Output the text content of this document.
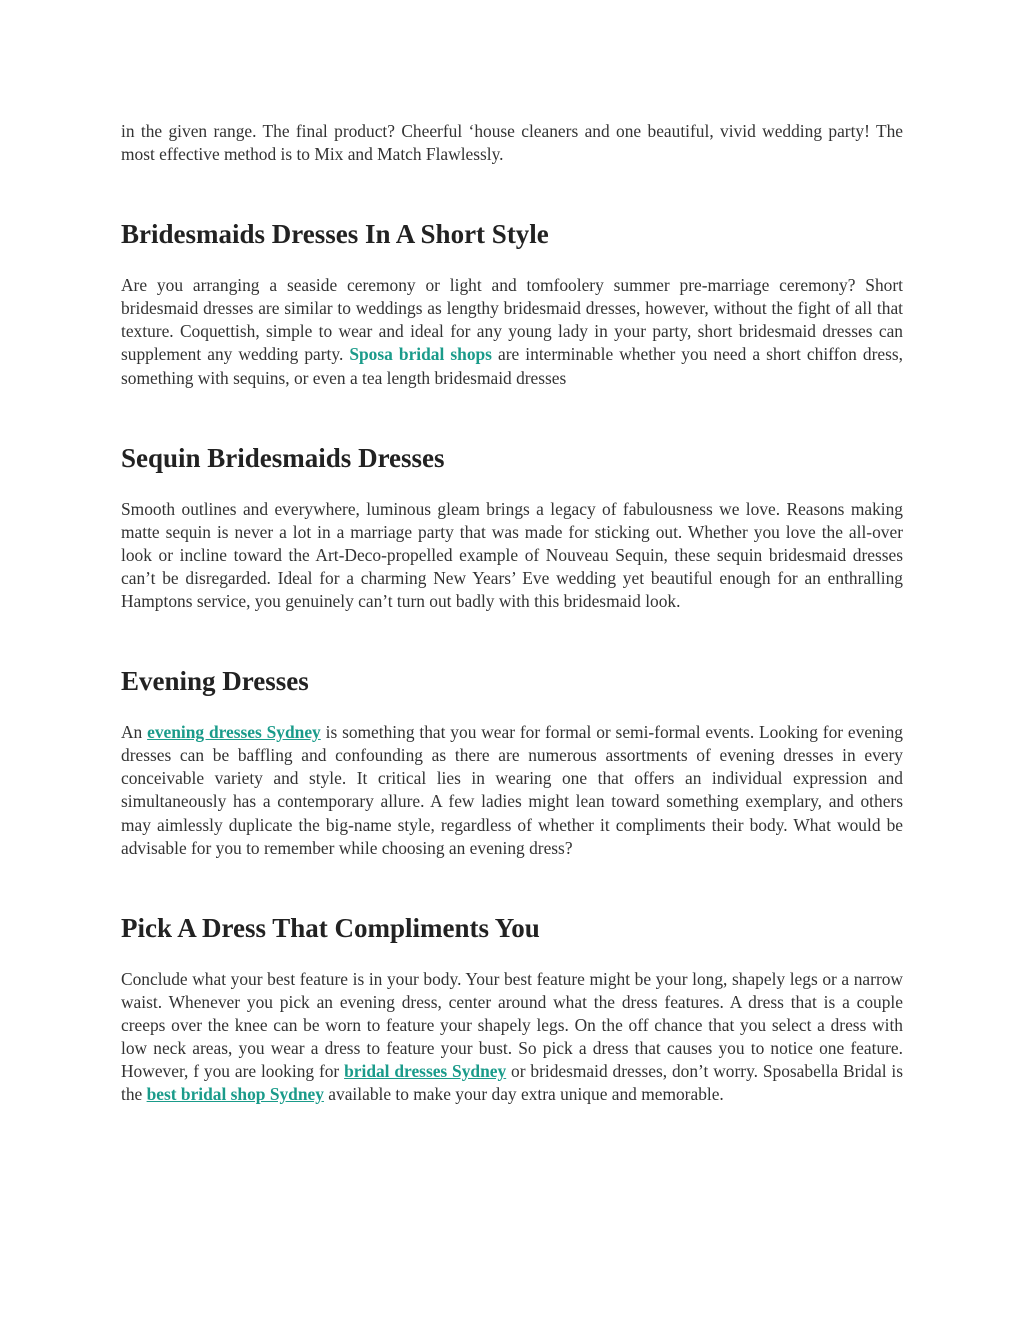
in the given range. The final product? Cheerful ‘house cleaners and one beautiful, vivid wedding party! The most effective method is to Mix and Match Flawlessly.

Bridesmaids Dresses In A Short Style

Are you arranging a seaside ceremony or light and tomfoolery summer pre-marriage ceremony? Short bridesmaid dresses are similar to weddings as lengthy bridesmaid dresses, however, without the fight of all that texture. Coquettish, simple to wear and ideal for any young lady in your party, short bridesmaid dresses can supplement any wedding party. Sposa bridal shops are interminable whether you need a short chiffon dress, something with sequins, or even a tea length bridesmaid dresses

Sequin Bridesmaids Dresses

Smooth outlines and everywhere, luminous gleam brings a legacy of fabulousness we love. Reasons making matte sequin is never a lot in a marriage party that was made for sticking out. Whether you love the all-over look or incline toward the Art-Deco-propelled example of Nouveau Sequin, these sequin bridesmaid dresses can’t be disregarded. Ideal for a charming New Years’ Eve wedding yet beautiful enough for an enthralling Hamptons service, you genuinely can’t turn out badly with this bridesmaid look.

Evening Dresses

An evening dresses Sydney is something that you wear for formal or semi-formal events. Looking for evening dresses can be baffling and confounding as there are numerous assortments of evening dresses in every conceivable variety and style. It critical lies in wearing one that offers an individual expression and simultaneously has a contemporary allure. A few ladies might lean toward something exemplary, and others may aimlessly duplicate the big-name style, regardless of whether it compliments their body. What would be advisable for you to remember while choosing an evening dress?

Pick A Dress That Compliments You

Conclude what your best feature is in your body. Your best feature might be your long, shapely legs or a narrow waist. Whenever you pick an evening dress, center around what the dress features. A dress that is a couple creeps over the knee can be worn to feature your shapely legs. On the off chance that you select a dress with low neck areas, you wear a dress to feature your bust. So pick a dress that causes you to notice one feature. However, f you are looking for bridal dresses Sydney or bridesmaid dresses, don’t worry. Sposabella Bridal is the best bridal shop Sydney available to make your day extra unique and memorable.
